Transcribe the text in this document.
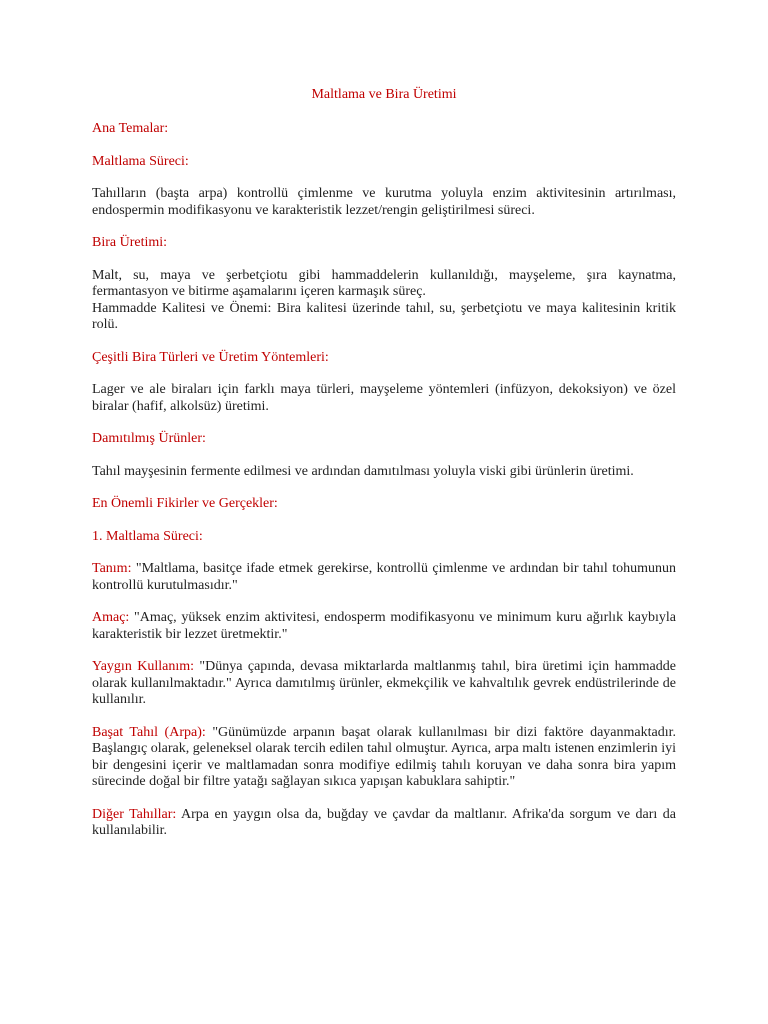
Maltlama ve Bira Üretimi
Ana Temalar:
Maltlama Süreci:
Tahılların (başta arpa) kontrollü çimlenme ve kurutma yoluyla enzim aktivitesinin artırılması, endospermin modifikasyonu ve karakteristik lezzet/rengin geliştirilmesi süreci.
Bira Üretimi:
Malt, su, maya ve şerbetçiotu gibi hammaddelerin kullanıldığı, mayşeleme, şıra kaynatma, fermantasyon ve bitirme aşamalarını içeren karmaşık süreç.
Hammadde Kalitesi ve Önemi: Bira kalitesi üzerinde tahıl, su, şerbetçiotu ve maya kalitesinin kritik rolü.
Çeşitli Bira Türleri ve Üretim Yöntemleri:
Lager ve ale biraları için farklı maya türleri, mayşeleme yöntemleri (infüzyon, dekoksiyon) ve özel biralar (hafif, alkolsüz) üretimi.
Damıtılmış Ürünler:
Tahıl mayşesinin fermente edilmesi ve ardından damıtılması yoluyla viski gibi ürünlerin üretimi.
En Önemli Fikirler ve Gerçekler:
1. Maltlama Süreci:
Tanım: "Maltlama, basitçe ifade etmek gerekirse, kontrollü çimlenme ve ardından bir tahıl tohumunun kontrollü kurutulmasıdır."
Amaç: "Amaç, yüksek enzim aktivitesi, endosperm modifikasyonu ve minimum kuru ağırlık kaybıyla karakteristik bir lezzet üretmektir."
Yaygın Kullanım: "Dünya çapında, devasa miktarlarda maltlanmış tahıl, bira üretimi için hammadde olarak kullanılmaktadır." Ayrıca damıtılmış ürünler, ekmekçilik ve kahvaltılık gevrek endüstrilerinde de kullanılır.
Başat Tahıl (Arpa): "Günümüzde arpanın başat olarak kullanılması bir dizi faktöre dayanmaktadır. Başlangıç olarak, geleneksel olarak tercih edilen tahıl olmuştur. Ayrıca, arpa maltı istenen enzimlerin iyi bir dengesini içerir ve maltlamadan sonra modifiye edilmiş tahılı koruyan ve daha sonra bira yapım sürecinde doğal bir filtre yatağı sağlayan sıkıca yapışan kabuklara sahiptir."
Diğer Tahıllar: Arpa en yaygın olsa da, buğday ve çavdar da maltlanır. Afrika'da sorgum ve darı da kullanılabilir.
